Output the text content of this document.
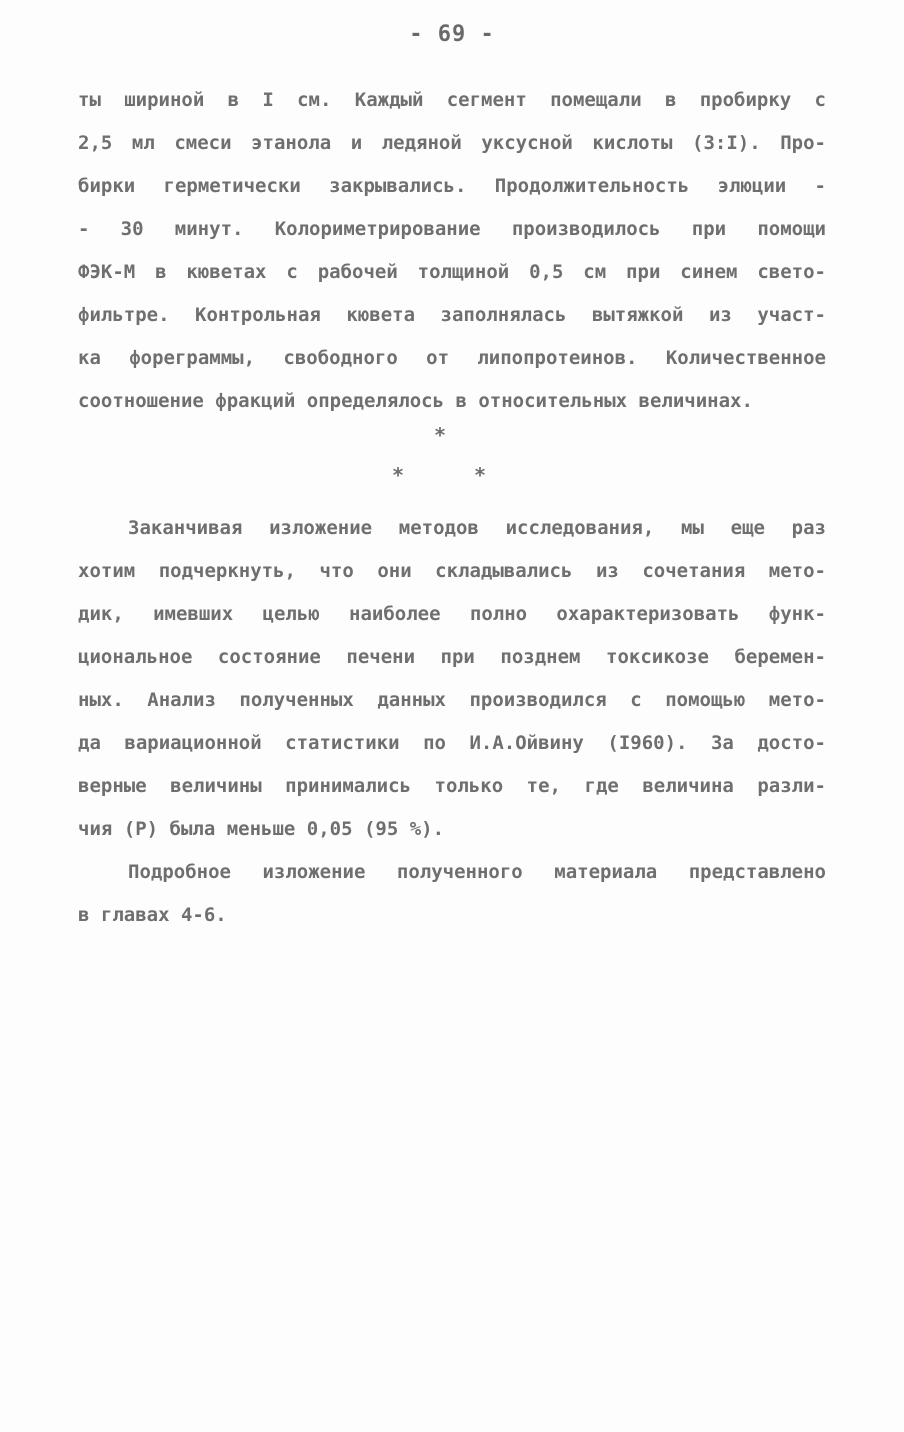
- 69 -
ты шириной в I см. Каждый сегмент помещали в пробирку с
2,5 мл смеси этанола и ледяной уксусной кислоты (3:I). Про-
бирки герметически закрывались. Продолжительность элюции -
- 30 минут. Колориметрирование производилось при помощи
ФЭК-М в кюветах с рабочей толщиной 0,5 см при синем свето-
фильтре. Контрольная кювета заполнялась вытяжкой из участ-
ка фореграммы, свободного от липопротеинов. Количественное
соотношение фракций определялось в относительных величинах.
*
*	*
Заканчивая изложение методов исследования, мы еще раз
хотим подчеркнуть, что они складывались из сочетания мето-
дик, имевших целью наиболее полно охарактеризовать функ-
циональное состояние печени при позднем токсикозе беремен-
ных. Анализ полученных данных производился с помощью мето-
да вариационной статистики по И.А.Ойвину (I960). За досто-
верные величины принимались только те, где величина разли-
чия (Р) была меньше 0,05 (95 %).
Подробное изложение полученного материала представлено
в главах 4-6.
